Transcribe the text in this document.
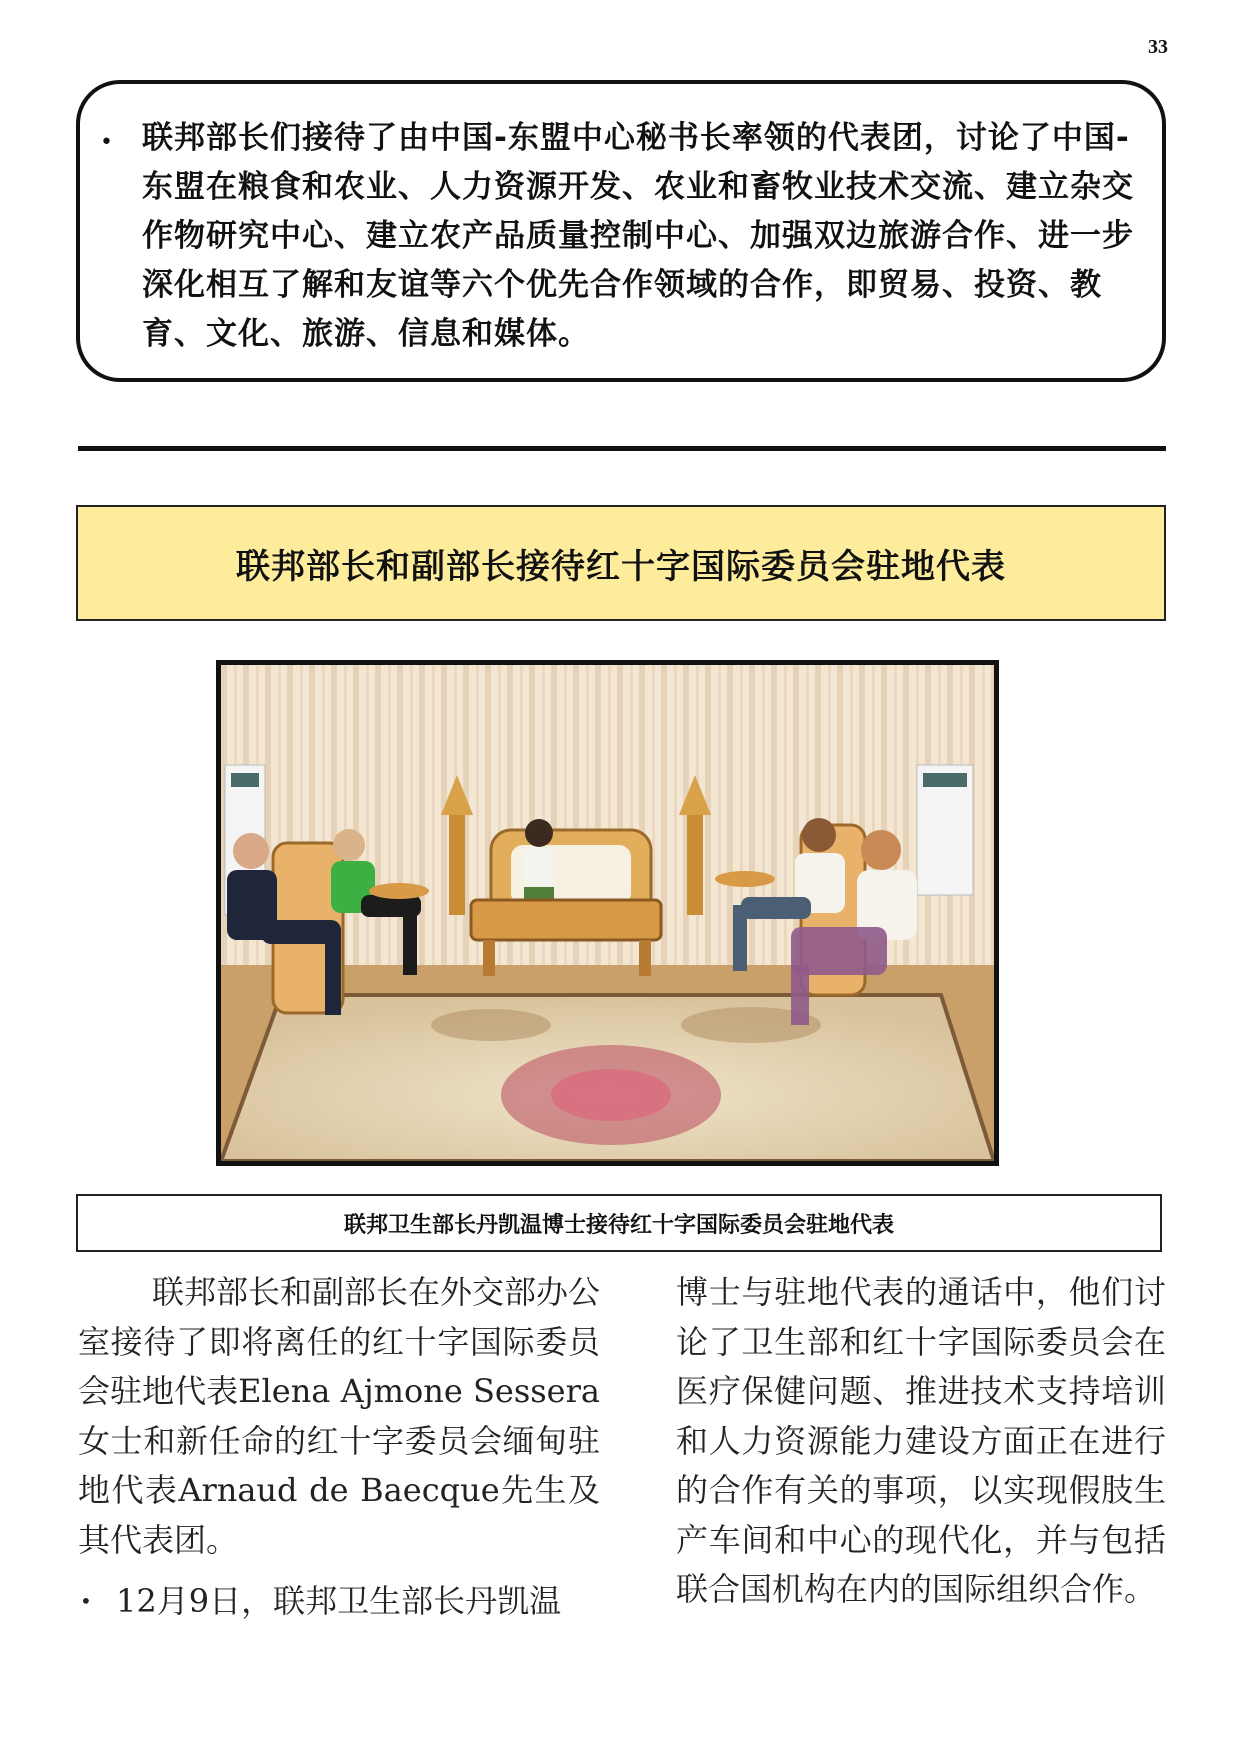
33
• 联邦部长们接待了由中国-东盟中心秘书长率领的代表团，讨论了中国-东盟在粮食和农业、人力资源开发、农业和畜牧业技术交流、建立杂交作物研究中心、建立农产品质量控制中心、加强双边旅游合作、进一步深化相互了解和友谊等六个优先合作领域的合作，即贸易、投资、教育、文化、旅游、信息和媒体。

联邦部长和副部长接待红十字国际委员会驻地代表

联邦卫生部长丹凯温博士接待红十字国际委员会驻地代表

联邦部长和副部长在外交部办公室接待了即将离任的红十字国际委员会驻地代表Elena Ajmone Sessera女士和新任命的红十字委员会缅甸驻地代表Arnaud de Baecque先生及其代表团。

• 12月9日，联邦卫生部长丹凯温

博士与驻地代表的通话中，他们讨论了卫生部和红十字国际委员会在医疗保健问题、推进技术支持培训和人力资源能力建设方面正在进行的合作有关的事项，以实现假肢生产车间和中心的现代化，并与包括联合国机构在内的国际组织合作。
